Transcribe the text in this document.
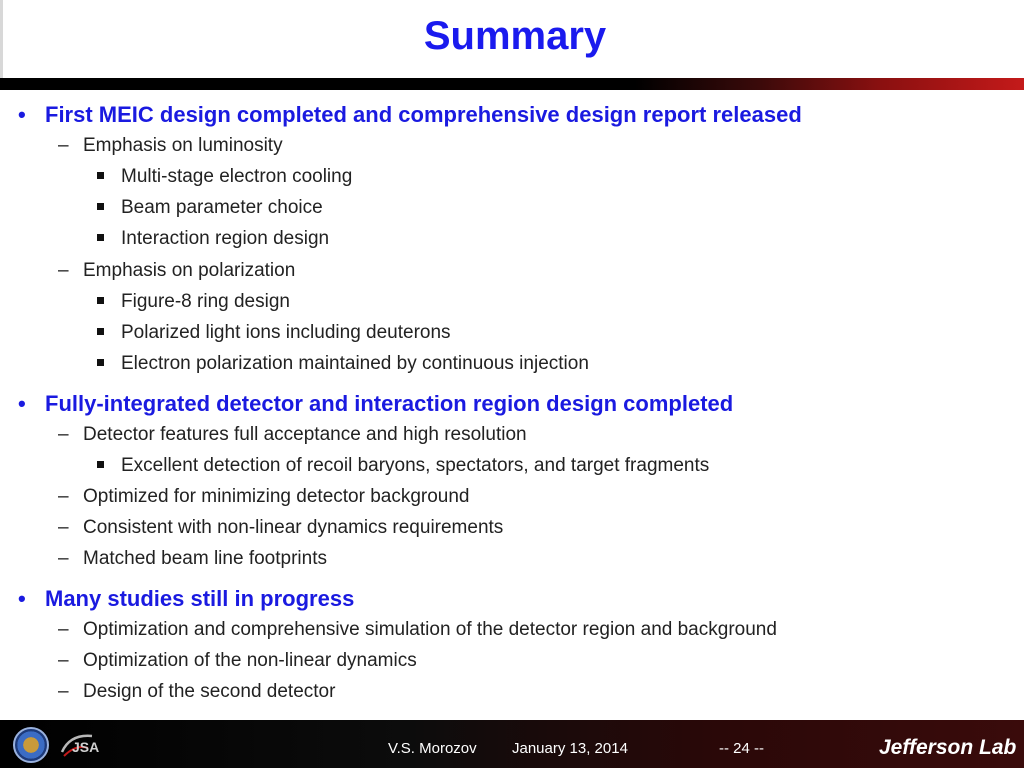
Summary
• First MEIC design completed and comprehensive design report released
– Emphasis on luminosity
Multi-stage electron cooling
Beam parameter choice
Interaction region design
– Emphasis on polarization
Figure-8 ring design
Polarized light ions including deuterons
Electron polarization maintained by continuous injection
• Fully-integrated detector and interaction region design completed
– Detector features full acceptance and high resolution
Excellent detection of recoil baryons, spectators, and target fragments
– Optimized for minimizing detector background
– Consistent with non-linear dynamics requirements
– Matched beam line footprints
• Many studies still in progress
– Optimization and comprehensive simulation of the detector region and background
– Optimization of the non-linear dynamics
– Design of the second detector
JSA	V.S. Morozov January 13, 2014	-- 24 --	Jefferson Lab
